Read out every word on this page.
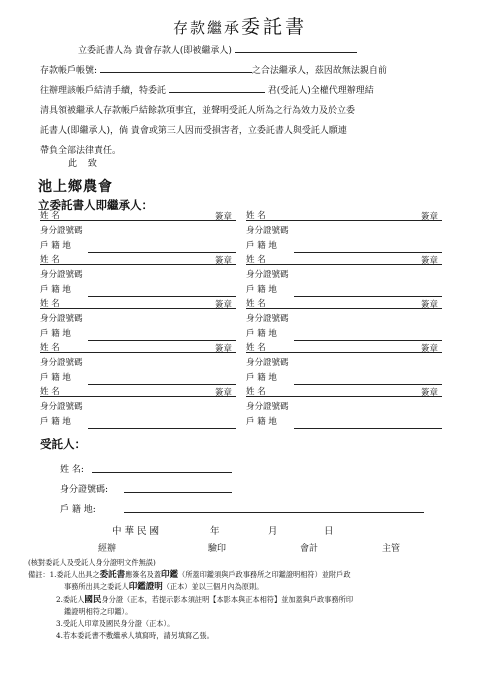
存款繼承委託書
立委託書人為 貴會存款人(即被繼承人)
存款帳戶帳號:	之合法繼承人，茲因故無法親自前
往辦理該帳戶結清手續，特委託	君(受託人)全權代理辦理結
清具領被繼承人存款帳戶結餘款項事宜，並聲明受託人所為之行為效力及於立委
託書人(即繼承人)，倘 貴會或第三人因而受損害者，立委託書人與受託人願連
帶負全部法律責任。
此 致
池上鄉農會
立委託書人即繼承人：
姓 名	簽章
身分證號碼
戶 籍 地
姓 名	簽章
身分證號碼
戶 籍 地
姓 名	簽章
身分證號碼
戶 籍 地
姓 名	簽章
身分證號碼
戶 籍 地
姓 名	簽章
身分證號碼
戶 籍 地
姓 名	簽章
身分證號碼
戶 籍 地
姓 名	簽章
身分證號碼
戶 籍 地
姓 名	簽章
身分證號碼
戶 籍 地
姓 名	簽章
身分證號碼
戶 籍 地
姓 名	簽章
身分證號碼
戶 籍 地
受託人：
姓 名:
身分證號碼:
戶 籍 地:
中 華 民 國	年	月	日
經辦	驗印	會計	主管
(核對委託人及受託人身分證明文件無誤)
備註：1.委託人出具之委託書應簽名及蓋印鑑（所蓋印鑑須與戶政事務所之印鑑證明相符）並附戶政
事務所出具之委託人印鑑證明（正本）並以三個月內為原則。
2.委託人國民身分證（正本，若提示影本須註明【本影本與正本相符】並加蓋與戶政事務所印
鑑證明相符之印鑑）。
3.受託人印章及國民身分證（正本）。
4.若本委託書不敷繼承人填寫時，請另填寫乙張。
